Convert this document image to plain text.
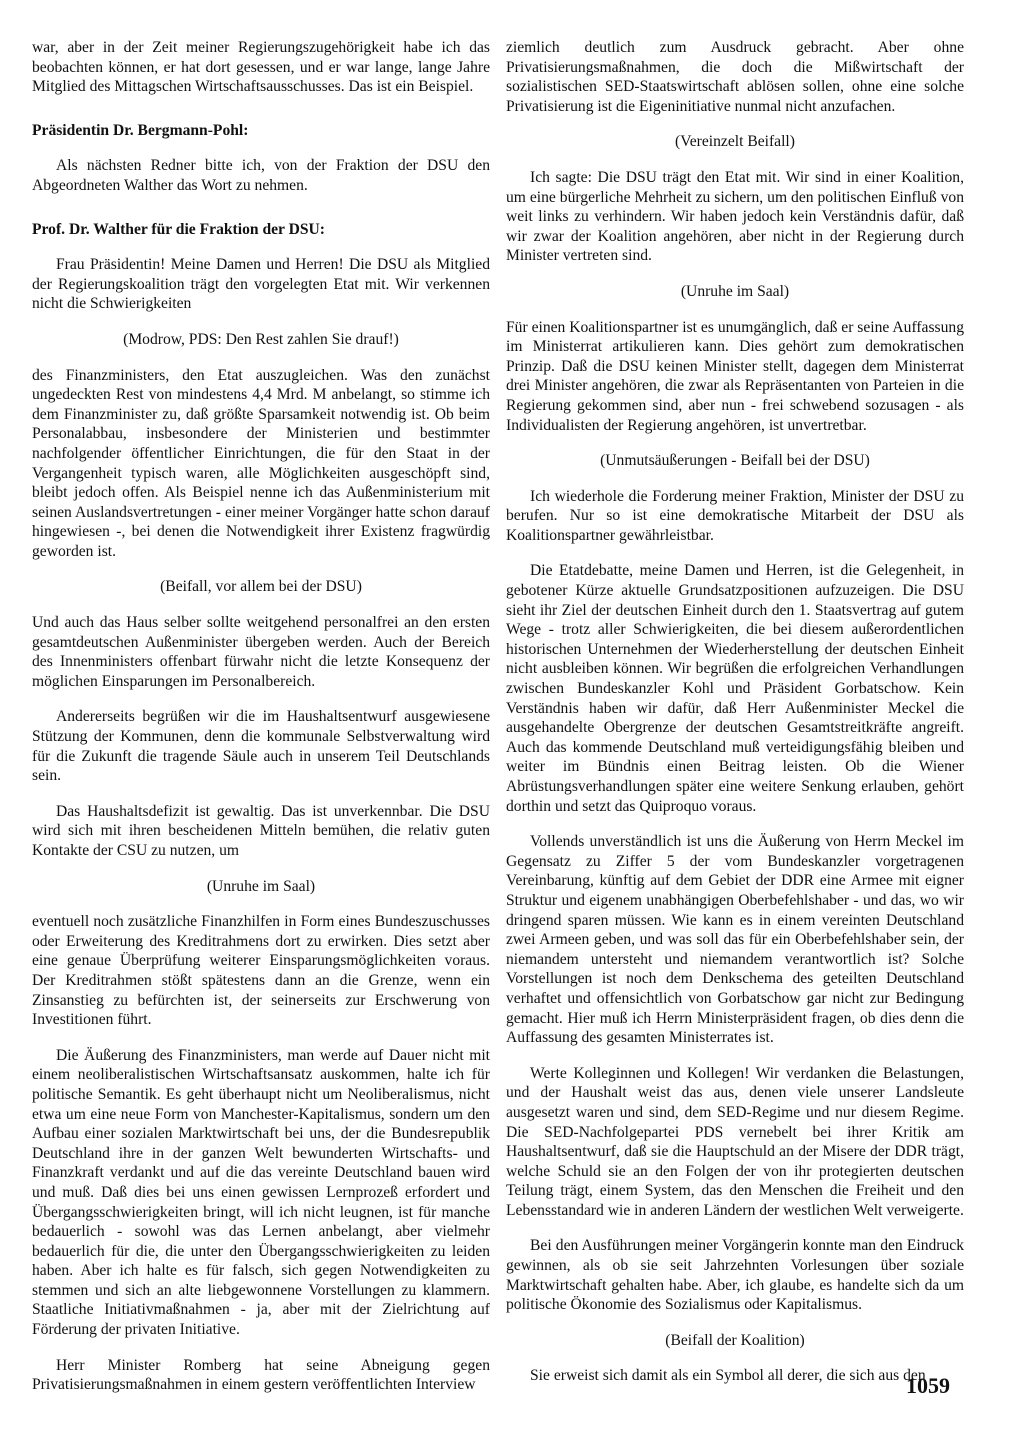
war, aber in der Zeit meiner Regierungszugehörigkeit habe ich das beobachten können, er hat dort gesessen, und er war lange, lange Jahre Mitglied des Mittagschen Wirtschaftsausschusses. Das ist ein Beispiel.

Präsidentin Dr. Bergmann-Pohl:

Als nächsten Redner bitte ich, von der Fraktion der DSU den Abgeordneten Walther das Wort zu nehmen.

Prof. Dr. Walther für die Fraktion der DSU:

Frau Präsidentin! Meine Damen und Herren! Die DSU als Mitglied der Regierungskoalition trägt den vorgelegten Etat mit. Wir verkennen nicht die Schwierigkeiten

(Modrow, PDS: Den Rest zahlen Sie drauf!)

des Finanzministers, den Etat auszugleichen. Was den zunächst ungedeckten Rest von mindestens 4,4 Mrd. M anbelangt, so stimme ich dem Finanzminister zu, daß größte Sparsamkeit notwendig ist. Ob beim Personalabbau, insbesondere der Ministerien und bestimmter nachfolgender öffentlicher Einrichtungen, die für den Staat in der Vergangenheit typisch waren, alle Möglichkeiten ausgeschöpft sind, bleibt jedoch offen. Als Beispiel nenne ich das Außenministerium mit seinen Auslandsvertretungen - einer meiner Vorgänger hatte schon darauf hingewiesen -, bei denen die Notwendigkeit ihrer Existenz fragwürdig geworden ist.

(Beifall, vor allem bei der DSU)

Und auch das Haus selber sollte weitgehend personalfrei an den ersten gesamtdeutschen Außenminister übergeben werden. Auch der Bereich des Innenministers offenbart fürwahr nicht die letzte Konsequenz der möglichen Einsparungen im Personalbereich.

Andererseits begrüßen wir die im Haushaltsentwurf ausgewiesene Stützung der Kommunen, denn die kommunale Selbstverwaltung wird für die Zukunft die tragende Säule auch in unserem Teil Deutschlands sein.

Das Haushaltsdefizit ist gewaltig. Das ist unverkennbar. Die DSU wird sich mit ihren bescheidenen Mitteln bemühen, die relativ guten Kontakte der CSU zu nutzen, um

(Unruhe im Saal)

eventuell noch zusätzliche Finanzhilfen in Form eines Bundeszuschusses oder Erweiterung des Kreditrahmens dort zu erwirken. Dies setzt aber eine genaue Überprüfung weiterer Einsparungsmöglichkeiten voraus. Der Kreditrahmen stößt spätestens dann an die Grenze, wenn ein Zinsanstieg zu befürchten ist, der seinerseits zur Erschwerung von Investitionen führt.

Die Äußerung des Finanzministers, man werde auf Dauer nicht mit einem neoliberalistischen Wirtschaftsansatz auskommen, halte ich für politische Semantik. Es geht überhaupt nicht um Neoliberalismus, nicht etwa um eine neue Form von Manchester-Kapitalismus, sondern um den Aufbau einer sozialen Marktwirtschaft bei uns, der die Bundesrepublik Deutschland ihre in der ganzen Welt bewunderten Wirtschafts- und Finanzkraft verdankt und auf die das vereinte Deutschland bauen wird und muß. Daß dies bei uns einen gewissen Lernprozeß erfordert und Übergangsschwierigkeiten bringt, will ich nicht leugnen, ist für manche bedauerlich - sowohl was das Lernen anbelangt, aber vielmehr bedauerlich für die, die unter den Übergangsschwierigkeiten zu leiden haben. Aber ich halte es für falsch, sich gegen Notwendigkeiten zu stemmen und sich an alte liebgewonnene Vorstellungen zu klammern. Staatliche Initiativmaßnahmen - ja, aber mit der Zielrichtung auf Förderung der privaten Initiative.

Herr Minister Romberg hat seine Abneigung gegen Privatisierungsmaßnahmen in einem gestern veröffentlichten Interview

ziemlich deutlich zum Ausdruck gebracht. Aber ohne Privatisierungsmaßnahmen, die doch die Mißwirtschaft der sozialistischen SED-Staatswirtschaft ablösen sollen, ohne eine solche Privatisierung ist die Eigeninitiative nunmal nicht anzufachen.

(Vereinzelt Beifall)

Ich sagte: Die DSU trägt den Etat mit. Wir sind in einer Koalition, um eine bürgerliche Mehrheit zu sichern, um den politischen Einfluß von weit links zu verhindern. Wir haben jedoch kein Verständnis dafür, daß wir zwar der Koalition angehören, aber nicht in der Regierung durch Minister vertreten sind.

(Unruhe im Saal)

Für einen Koalitionspartner ist es unumgänglich, daß er seine Auffassung im Ministerrat artikulieren kann. Dies gehört zum demokratischen Prinzip. Daß die DSU keinen Minister stellt, dagegen dem Ministerrat drei Minister angehören, die zwar als Repräsentanten von Parteien in die Regierung gekommen sind, aber nun - frei schwebend sozusagen - als Individualisten der Regierung angehören, ist unvertretbar.

(Unmutsäußerungen - Beifall bei der DSU)

Ich wiederhole die Forderung meiner Fraktion, Minister der DSU zu berufen. Nur so ist eine demokratische Mitarbeit der DSU als Koalitionspartner gewährleistbar.

Die Etatdebatte, meine Damen und Herren, ist die Gelegenheit, in gebotener Kürze aktuelle Grundsatzpositionen aufzuzeigen. Die DSU sieht ihr Ziel der deutschen Einheit durch den 1. Staatsvertrag auf gutem Wege - trotz aller Schwierigkeiten, die bei diesem außerordentlichen historischen Unternehmen der Wiederherstellung der deutschen Einheit nicht ausbleiben können. Wir begrüßen die erfolgreichen Verhandlungen zwischen Bundeskanzler Kohl und Präsident Gorbatschow. Kein Verständnis haben wir dafür, daß Herr Außenminister Meckel die ausgehandelte Obergrenze der deutschen Gesamtstreitkräfte angreift. Auch das kommende Deutschland muß verteidigungsfähig bleiben und weiter im Bündnis einen Beitrag leisten. Ob die Wiener Abrüstungsverhandlungen später eine weitere Senkung erlauben, gehört dorthin und setzt das Quiproquo voraus.

Vollends unverständlich ist uns die Äußerung von Herrn Meckel im Gegensatz zu Ziffer 5 der vom Bundeskanzler vorgetragenen Vereinbarung, künftig auf dem Gebiet der DDR eine Armee mit eigner Struktur und eigenem unabhängigen Oberbefehlshaber - und das, wo wir dringend sparen müssen. Wie kann es in einem vereinten Deutschland zwei Armeen geben, und was soll das für ein Oberbefehlshaber sein, der niemandem untersteht und niemandem verantwortlich ist? Solche Vorstellungen ist noch dem Denkschema des geteilten Deutschland verhaftet und offensichtlich von Gorbatschow gar nicht zur Bedingung gemacht. Hier muß ich Herrn Ministerpräsident fragen, ob dies denn die Auffassung des gesamten Ministerrates ist.

Werte Kolleginnen und Kollegen! Wir verdanken die Belastungen, und der Haushalt weist das aus, denen viele unserer Landsleute ausgesetzt waren und sind, dem SED-Regime und nur diesem Regime. Die SED-Nachfolgepartei PDS vernebelt bei ihrer Kritik am Haushaltsentwurf, daß sie die Hauptschuld an der Misere der DDR trägt, welche Schuld sie an den Folgen der von ihr protegierten deutschen Teilung trägt, einem System, das den Menschen die Freiheit und den Lebensstandard wie in anderen Ländern der westlichen Welt verweigerte.

Bei den Ausführungen meiner Vorgängerin konnte man den Eindruck gewinnen, als ob sie seit Jahrzehnten Vorlesungen über soziale Marktwirtschaft gehalten habe. Aber, ich glaube, es handelte sich da um politische Ökonomie des Sozialismus oder Kapitalismus.

(Beifall der Koalition)

Sie erweist sich damit als ein Symbol all derer, die sich aus den

1059
